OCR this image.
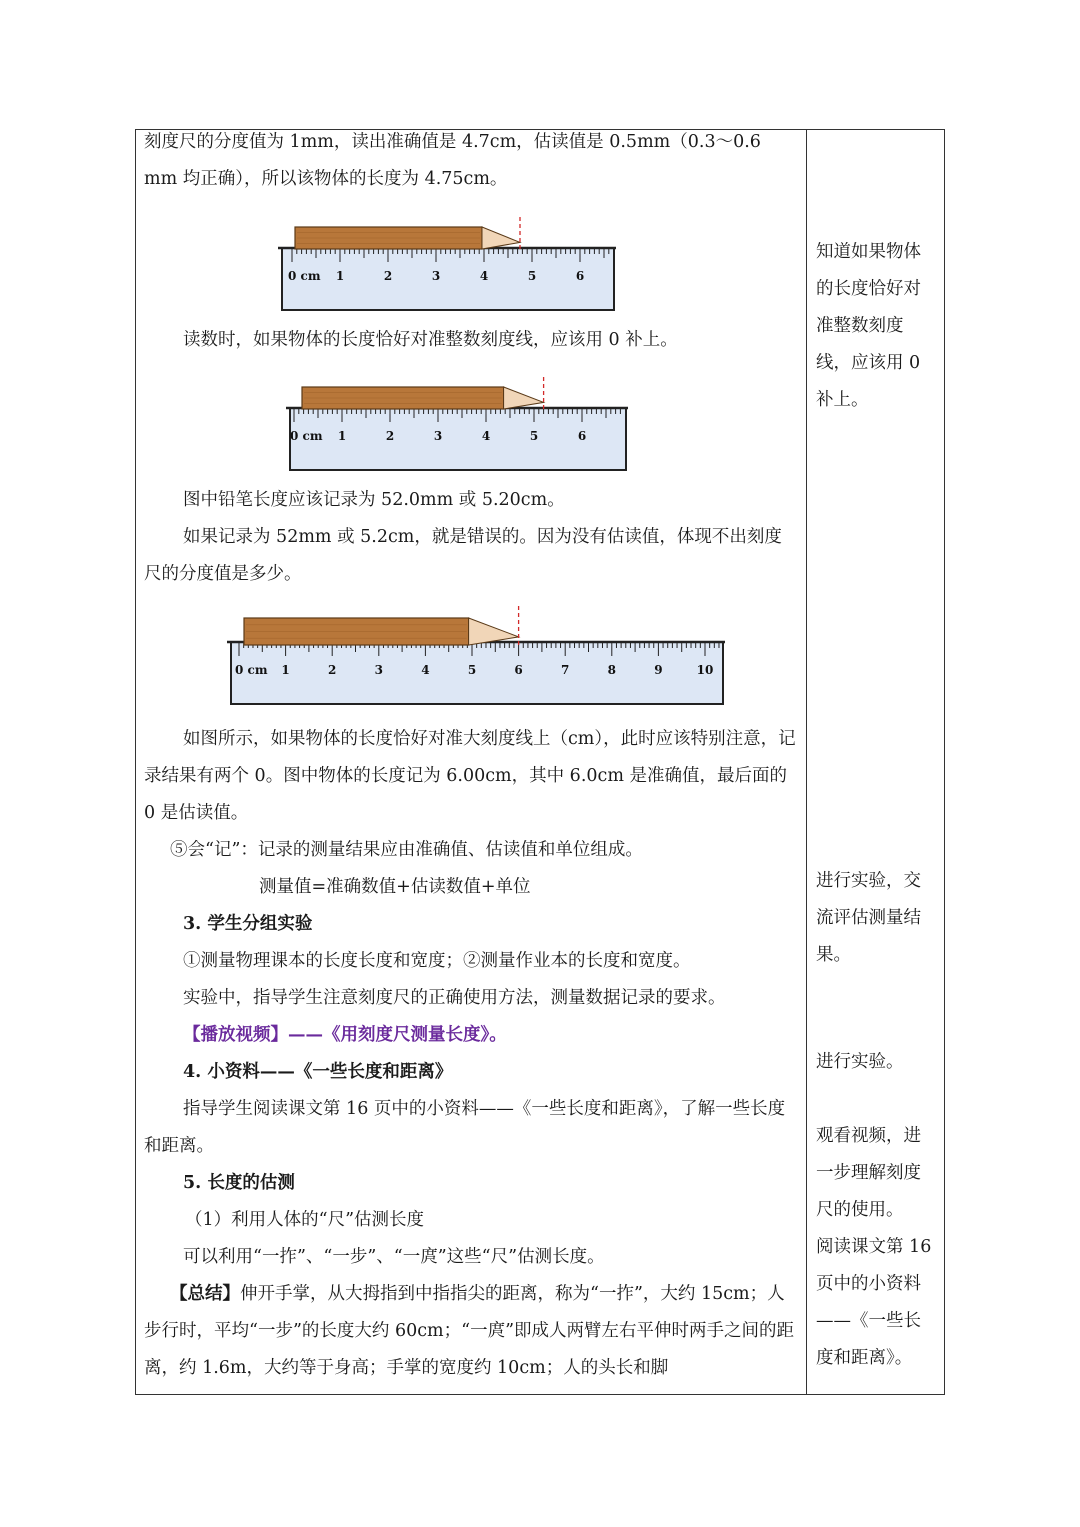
刻度尺的分度值为 1mm，读出准确值是 4.7cm，估读值是 0.5mm（0.3～0.6 mm 均正确），所以该物体的长度为 4.75cm。

0 cm 1	2	3	4	5	6

读数时，如果物体的长度恰好对准整数刻度线，应该用 0 补上。

0 cm 1	2	3	4	5	6

图中铅笔长度应该记录为 52.0mm 或 5.20cm。

如果记录为 52mm 或 5.2cm，就是错误的。因为没有估读值，体现不出刻度尺的分度值是多少。

0 cm 1	2	3	4	5	6	7	8	9	10

如图所示，如果物体的长度恰好对准大刻度线上（cm），此时应该特别注意，记录结果有两个 0。图中物体的长度记为 6.00cm，其中 6.0cm 是准确值，最后面的 0 是估读值。

⑤会“记”：记录的测量结果应由准确值、估读值和单位组成。

测量值=准确数值+估读数值+单位

3. 学生分组实验

①测量物理课本的长度长度和宽度；②测量作业本的长度和宽度。

实验中，指导学生注意刻度尺的正确使用方法，测量数据记录的要求。

【播放视频】——《用刻度尺测量长度》。

4. 小资料——《一些长度和距离》

指导学生阅读课文第 16 页中的小资料——《一些长度和距离》，了解一些长度和距离。

5. 长度的估测

（1）利用人体的“尺”估测长度

可以利用“一拃”、“一步”、“一庹”这些“尺”估测长度。

【总结】伸开手掌，从大拇指到中指指尖的距离，称为“一拃”，大约 15cm；人步行时，平均“一步”的长度大约 60cm；“一庹”即成人两臂左右平伸时两手之间的距离，约 1.6m，大约等于身高；手掌的宽度约 10cm；人的头长和脚

知道如果物体的长度恰好对准整数刻度线，应该用 0 补上。
进行实验，交流评估测量结果。
进行实验。
观看视频，进一步理解刻度尺的使用。
阅读课文第 16 页中的小资料——《一些长度和距离》。
